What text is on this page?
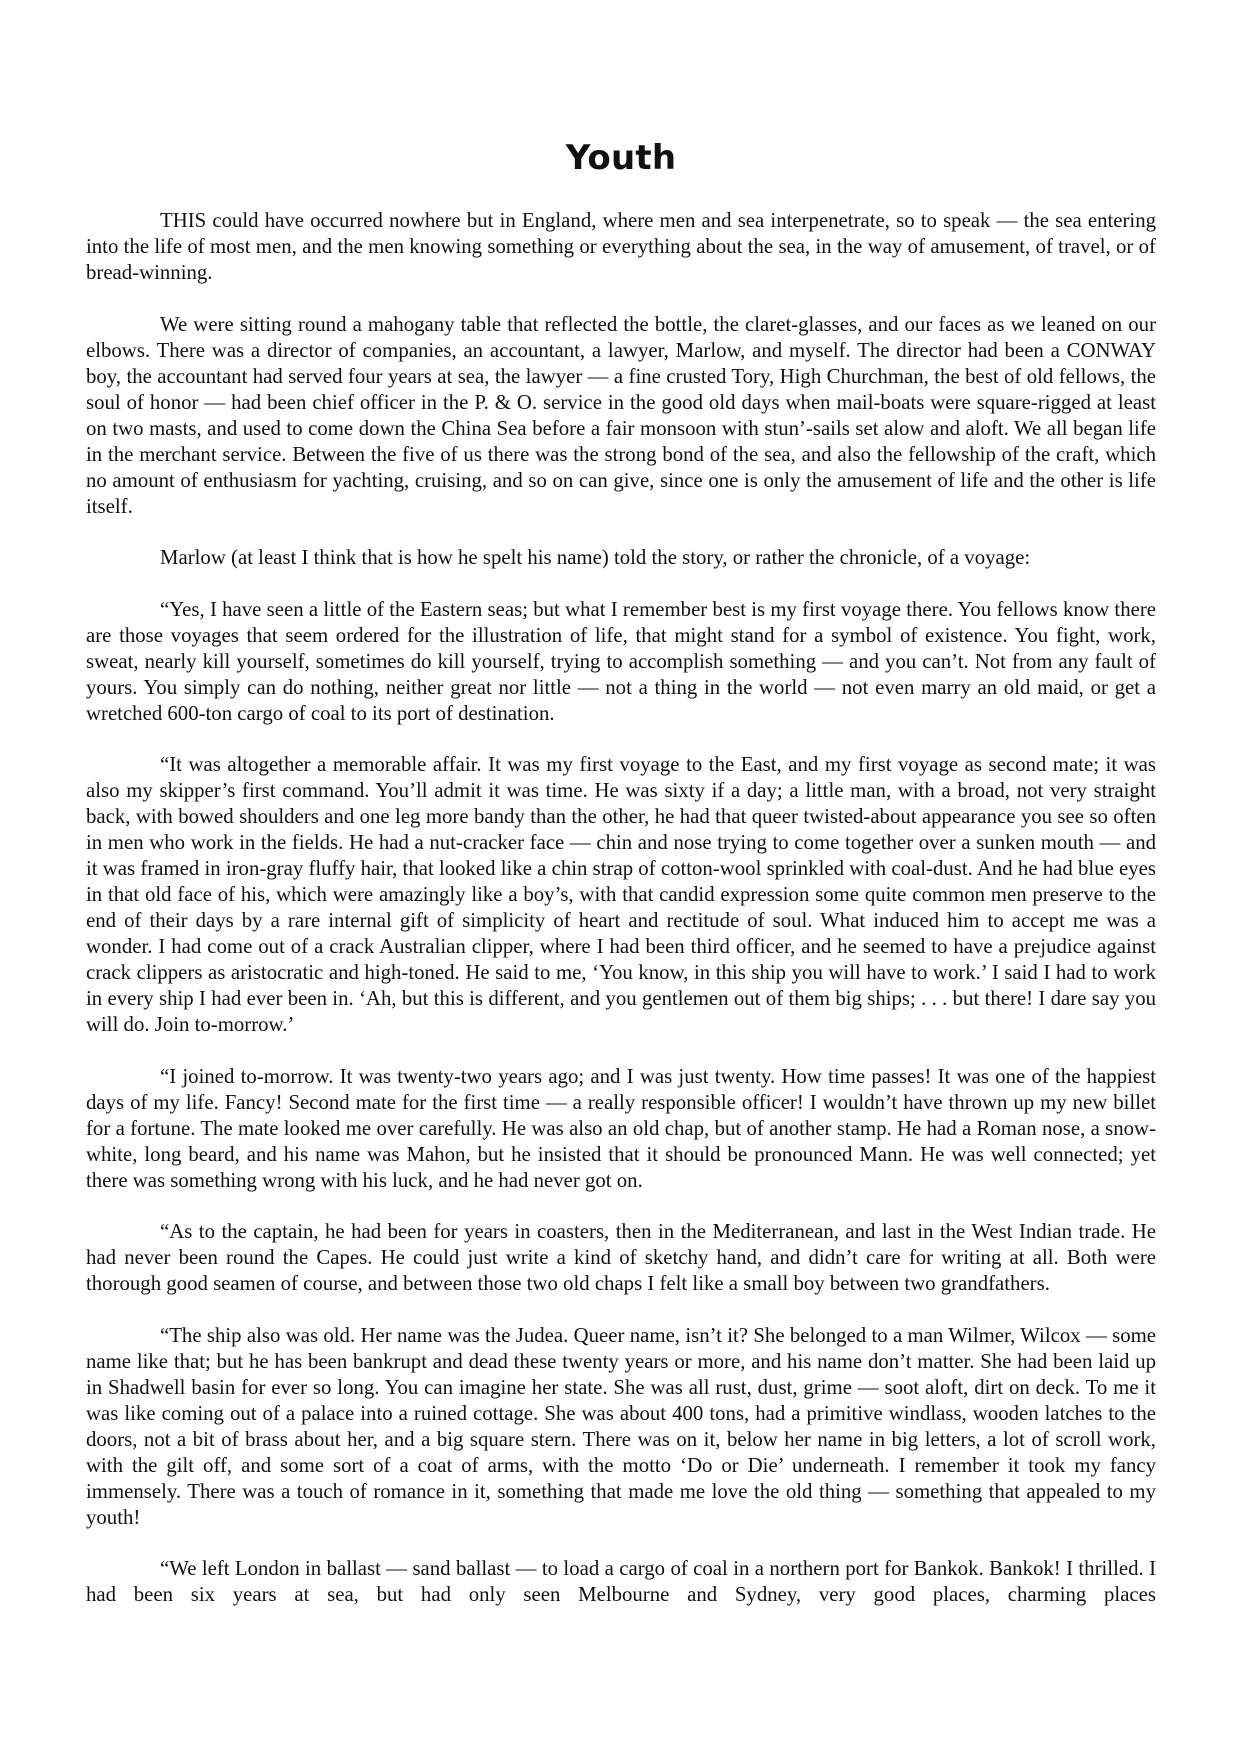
Youth

THIS could have occurred nowhere but in England, where men and sea interpenetrate, so to speak — the sea entering into the life of most men, and the men knowing something or everything about the sea, in the way of amusement, of travel, or of bread-winning.

We were sitting round a mahogany table that reflected the bottle, the claret-glasses, and our faces as we leaned on our elbows. There was a director of companies, an accountant, a lawyer, Marlow, and myself. The director had been a CONWAY boy, the accountant had served four years at sea, the lawyer — a fine crusted Tory, High Churchman, the best of old fellows, the soul of honor — had been chief officer in the P. & O. service in the good old days when mail-boats were square-rigged at least on two masts, and used to come down the China Sea before a fair monsoon with stun’-sails set alow and aloft. We all began life in the merchant service. Between the five of us there was the strong bond of the sea, and also the fellowship of the craft, which no amount of enthusiasm for yachting, cruising, and so on can give, since one is only the amusement of life and the other is life itself.

Marlow (at least I think that is how he spelt his name) told the story, or rather the chronicle, of a voyage:

“Yes, I have seen a little of the Eastern seas; but what I remember best is my first voyage there. You fellows know there are those voyages that seem ordered for the illustration of life, that might stand for a symbol of existence. You fight, work, sweat, nearly kill yourself, sometimes do kill yourself, trying to accomplish something — and you can’t. Not from any fault of yours. You simply can do nothing, neither great nor little — not a thing in the world — not even marry an old maid, or get a wretched 600-ton cargo of coal to its port of destination.

“It was altogether a memorable affair. It was my first voyage to the East, and my first voyage as second mate; it was also my skipper’s first command. You’ll admit it was time. He was sixty if a day; a little man, with a broad, not very straight back, with bowed shoulders and one leg more bandy than the other, he had that queer twisted-about appearance you see so often in men who work in the fields. He had a nut-cracker face — chin and nose trying to come together over a sunken mouth — and it was framed in iron-gray fluffy hair, that looked like a chin strap of cotton-wool sprinkled with coal-dust. And he had blue eyes in that old face of his, which were amazingly like a boy’s, with that candid expression some quite common men preserve to the end of their days by a rare internal gift of simplicity of heart and rectitude of soul. What induced him to accept me was a wonder. I had come out of a crack Australian clipper, where I had been third officer, and he seemed to have a prejudice against crack clippers as aristocratic and high-toned. He said to me, ‘You know, in this ship you will have to work.’ I said I had to work in every ship I had ever been in. ‘Ah, but this is different, and you gentlemen out of them big ships; . . . but there! I dare say you will do. Join to-morrow.’

“I joined to-morrow. It was twenty-two years ago; and I was just twenty. How time passes! It was one of the happiest days of my life. Fancy! Second mate for the first time — a really responsible officer! I wouldn’t have thrown up my new billet for a fortune. The mate looked me over carefully. He was also an old chap, but of another stamp. He had a Roman nose, a snow-white, long beard, and his name was Mahon, but he insisted that it should be pronounced Mann. He was well connected; yet there was something wrong with his luck, and he had never got on.

“As to the captain, he had been for years in coasters, then in the Mediterranean, and last in the West Indian trade. He had never been round the Capes. He could just write a kind of sketchy hand, and didn’t care for writing at all. Both were thorough good seamen of course, and between those two old chaps I felt like a small boy between two grandfathers.

“The ship also was old. Her name was the Judea. Queer name, isn’t it? She belonged to a man Wilmer, Wilcox — some name like that; but he has been bankrupt and dead these twenty years or more, and his name don’t matter. She had been laid up in Shadwell basin for ever so long. You can imagine her state. She was all rust, dust, grime — soot aloft, dirt on deck. To me it was like coming out of a palace into a ruined cottage. She was about 400 tons, had a primitive windlass, wooden latches to the doors, not a bit of brass about her, and a big square stern. There was on it, below her name in big letters, a lot of scroll work, with the gilt off, and some sort of a coat of arms, with the motto ‘Do or Die’ underneath. I remember it took my fancy immensely. There was a touch of romance in it, something that made me love the old thing — something that appealed to my youth!

“We left London in ballast — sand ballast — to load a cargo of coal in a northern port for Bankok. Bankok! I thrilled. I had been six years at sea, but had only seen Melbourne and Sydney, very good places, charming places
